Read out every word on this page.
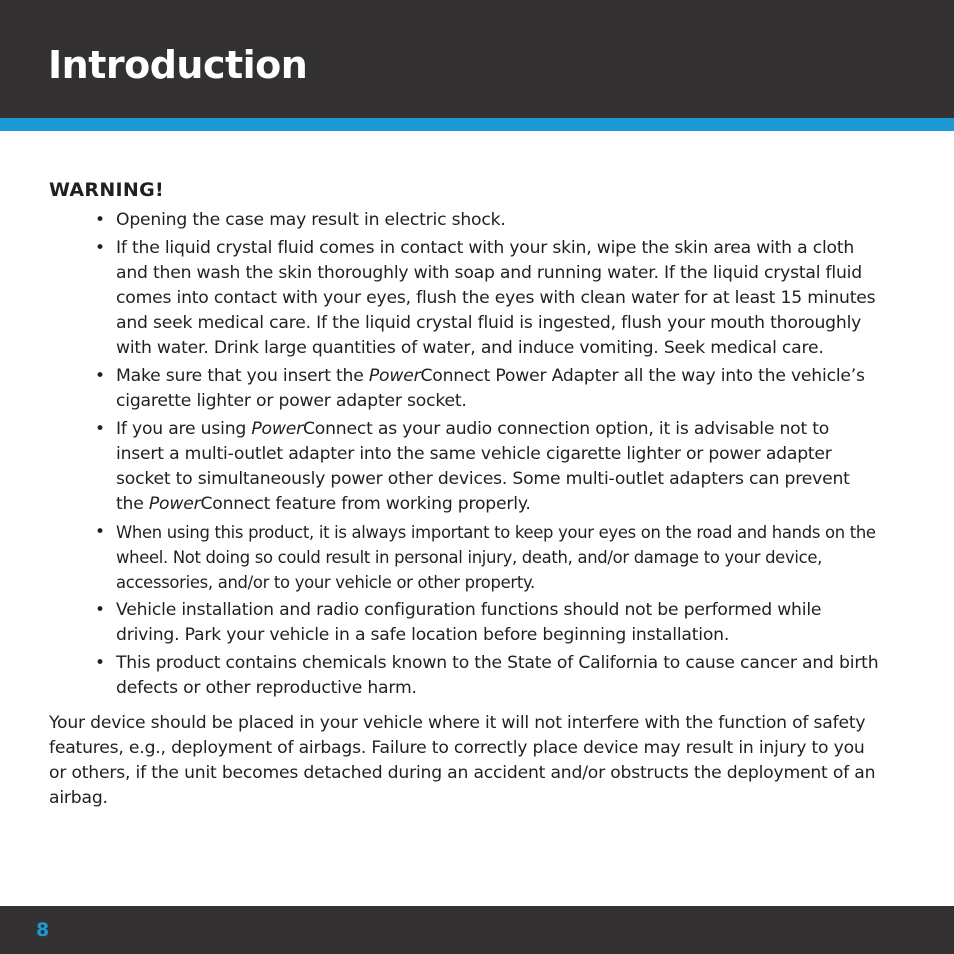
Introduction
WARNING!
• Opening the case may result in electric shock.
• If the liquid crystal fluid comes in contact with your skin, wipe the skin area with a cloth and then wash the skin thoroughly with soap and running water. If the liquid crystal fluid comes into contact with your eyes, flush the eyes with clean water for at least 15 minutes and seek medical care. If the liquid crystal fluid is ingested, flush your mouth thoroughly with water. Drink large quantities of water, and induce vomiting. Seek medical care.
• Make sure that you insert the PowerConnect Power Adapter all the way into the vehicle’s cigarette lighter or power adapter socket.
• If you are using PowerConnect as your audio connection option, it is advisable not to insert a multi-outlet adapter into the same vehicle cigarette lighter or power adapter socket to simultaneously power other devices. Some multi-outlet adapters can prevent the PowerConnect feature from working properly.
• When using this product, it is always important to keep your eyes on the road and hands on the wheel. Not doing so could result in personal injury, death, and/or damage to your device, accessories, and/or to your vehicle or other property.
• Vehicle installation and radio configuration functions should not be performed while driving. Park your vehicle in a safe location before beginning installation.
• This product contains chemicals known to the State of California to cause cancer and birth defects or other reproductive harm.

Your device should be placed in your vehicle where it will not interfere with the function of safety features, e.g., deployment of airbags. Failure to correctly place device may result in injury to you or others, if the unit becomes detached during an accident and/or obstructs the deployment of an airbag.

8
